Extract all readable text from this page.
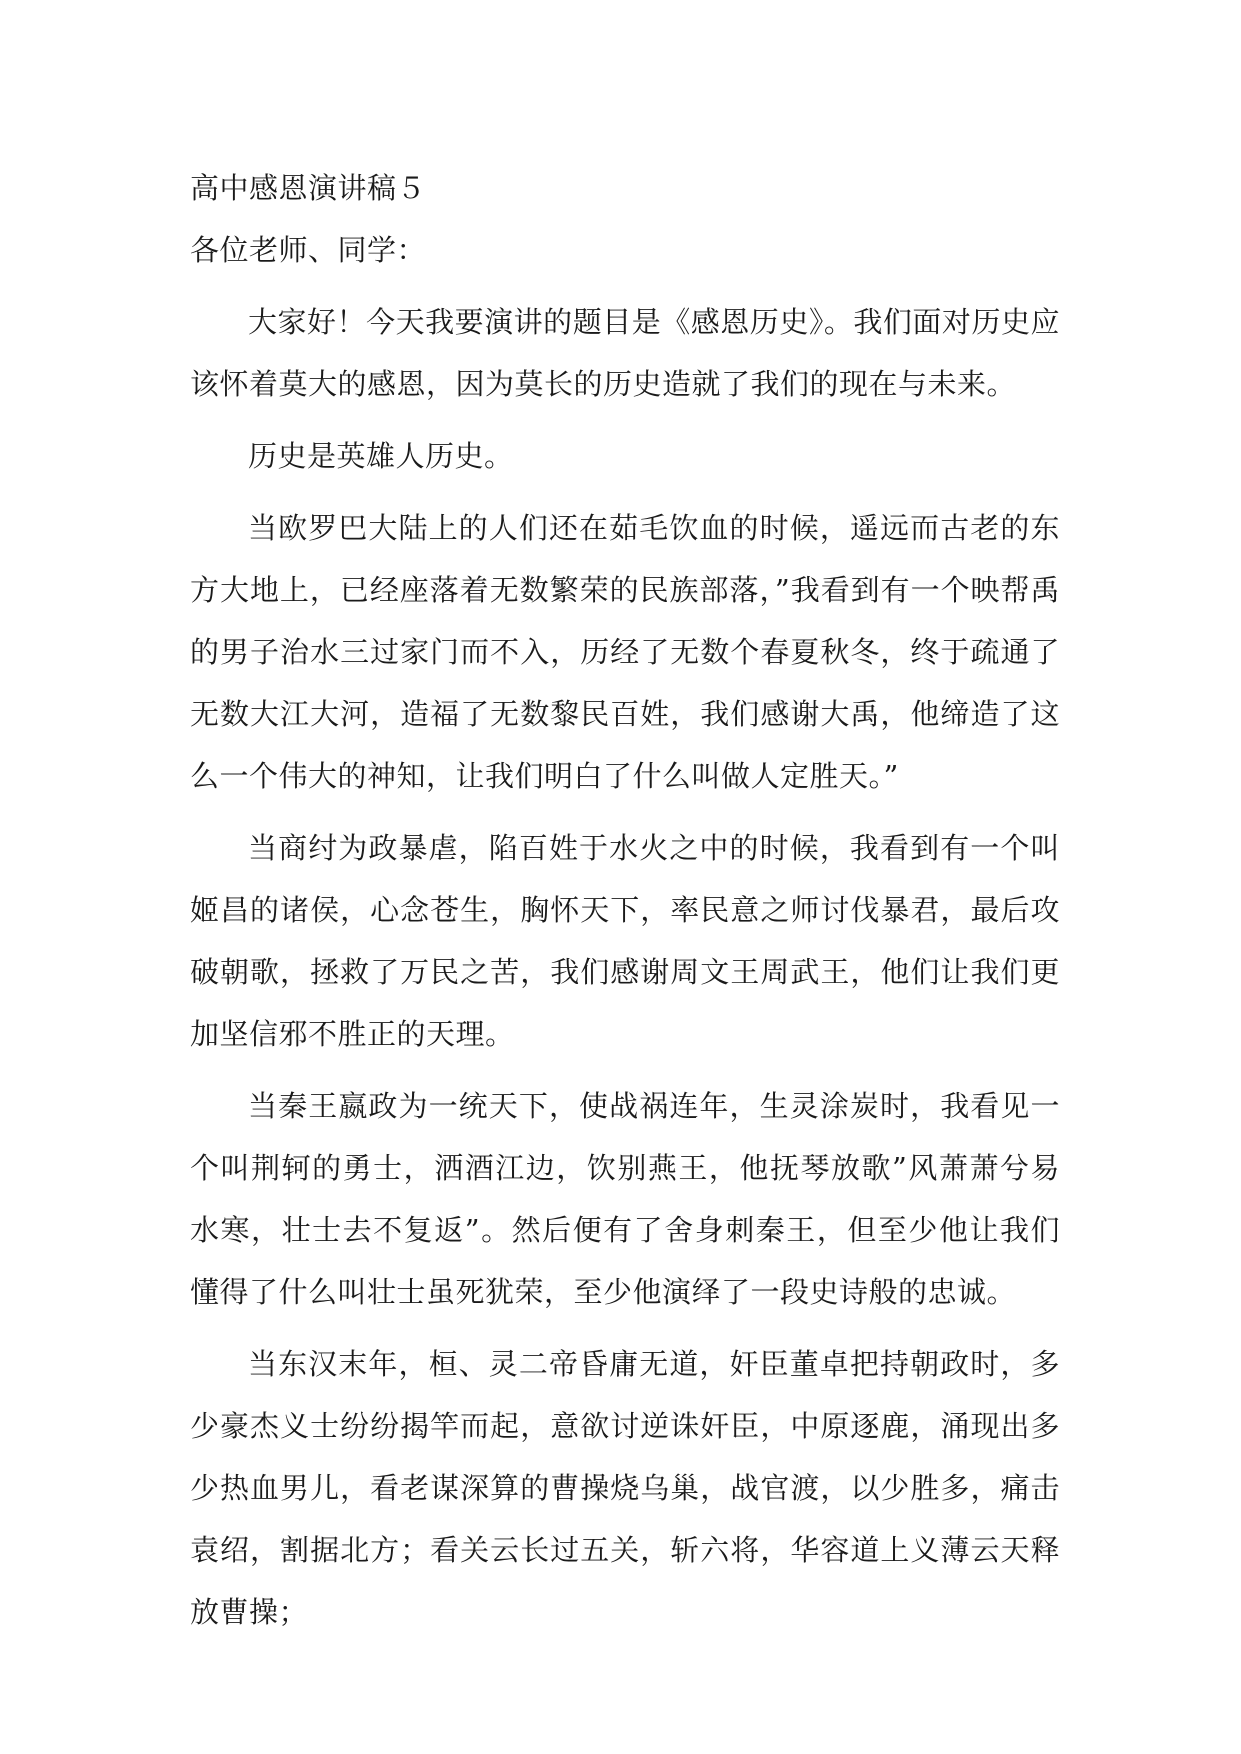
高中感恩演讲稿５

各位老师、同学：

大家好！今天我要演讲的题目是《感恩历史》。我们面对历史应该怀着莫大的感恩，因为莫长的历史造就了我们的现在与未来。

历史是英雄人历史。

当欧罗巴大陆上的人们还在茹毛饮血的时候，遥远而古老的东方大地上，已经座落着无数繁荣的民族部落，”我看到有一个映帮禹的男子治水三过家门而不入，历经了无数个春夏秋冬，终于疏通了无数大江大河，造福了无数黎民百姓，我们感谢大禹，他缔造了这么一个伟大的神知，让我们明白了什么叫做人定胜天。”

当商纣为政暴虐，陷百姓于水火之中的时候，我看到有一个叫姬昌的诸侯，心念苍生，胸怀天下，率民意之师讨伐暴君，最后攻破朝歌，拯救了万民之苦，我们感谢周文王周武王，他们让我们更加坚信邪不胜正的天理。

当秦王嬴政为一统天下，使战祸连年，生灵涂炭时，我看见一个叫荆轲的勇士，洒酒江边，饮别燕王，他抚琴放歌”风萧萧兮易水寒，壮士去不复返”。然后便有了舍身刺秦王，但至少他让我们懂得了什么叫壮士虽死犹荣，至少他演绎了一段史诗般的忠诚。

当东汉末年，桓、灵二帝昏庸无道，奸臣董卓把持朝政时，多少豪杰义士纷纷揭竿而起，意欲讨逆诛奸臣，中原逐鹿，涌现出多少热血男儿，看老谋深算的曹操烧乌巢，战官渡，以少胜多，痛击袁绍，割据北方；看关云长过五关，斩六将，华容道上义薄云天释放曹操；
